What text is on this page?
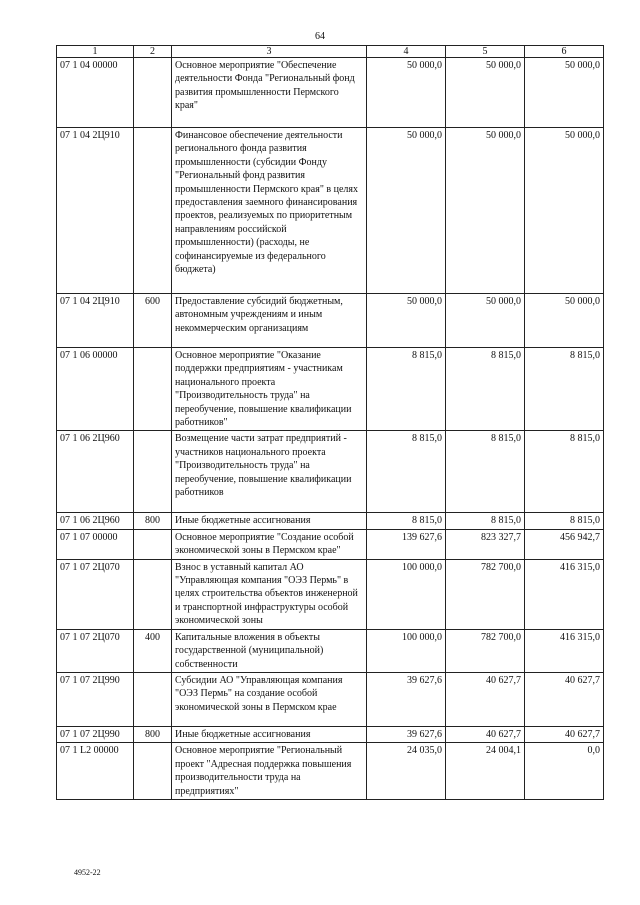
64
1	2	3	4	5	6
07 1 04 00000		Основное мероприятие "Обеспечение деятельности Фонда "Региональный фонд развития промышленности Пермского края"	50 000,0	50 000,0	50 000,0
07 1 04 2Ц910		Финансовое обеспечение деятельности регионального фонда развития промышленности (субсидии Фонду "Региональный фонд развития промышленности Пермского края" в целях предоставления заемного финансирования проектов, реализуемых по приоритетным направлениям российской промышленности) (расходы, не софинансируемые из федерального бюджета)	50 000,0	50 000,0	50 000,0
07 1 04 2Ц910	600	Предоставление субсидий бюджетным, автономным учреждениям и иным некоммерческим организациям	50 000,0	50 000,0	50 000,0
07 1 06 00000		Основное мероприятие "Оказание поддержки предприятиям - участникам национального проекта "Производительность труда" на переобучение, повышение квалификации работников"	8 815,0	8 815,0	8 815,0
07 1 06 2Ц960		Возмещение части затрат предприятий - участников национального проекта "Производительность труда" на переобучение, повышение квалификации работников	8 815,0	8 815,0	8 815,0
07 1 06 2Ц960	800	Иные бюджетные ассигнования	8 815,0	8 815,0	8 815,0
07 1 07 00000		Основное мероприятие "Создание особой экономической зоны в Пермском крае"	139 627,6	823 327,7	456 942,7
07 1 07 2Ц070		Взнос в уставный капитал АО "Управляющая компания "ОЭЗ Пермь" в целях строительства объектов инженерной и транспортной инфраструктуры особой экономической зоны	100 000,0	782 700,0	416 315,0
07 1 07 2Ц070	400	Капитальные вложения в объекты государственной (муниципальной) собственности	100 000,0	782 700,0	416 315,0
07 1 07 2Ц990		Субсидии АО "Управляющая компания "ОЭЗ Пермь" на создание особой экономической зоны в Пермском крае	39 627,6	40 627,7	40 627,7
07 1 07 2Ц990	800	Иные бюджетные ассигнования	39 627,6	40 627,7	40 627,7
07 1 L2 00000		Основное мероприятие "Региональный проект "Адресная поддержка повышения производительности труда на предприятиях"	24 035,0	24 004,1	0,0
4952-22
